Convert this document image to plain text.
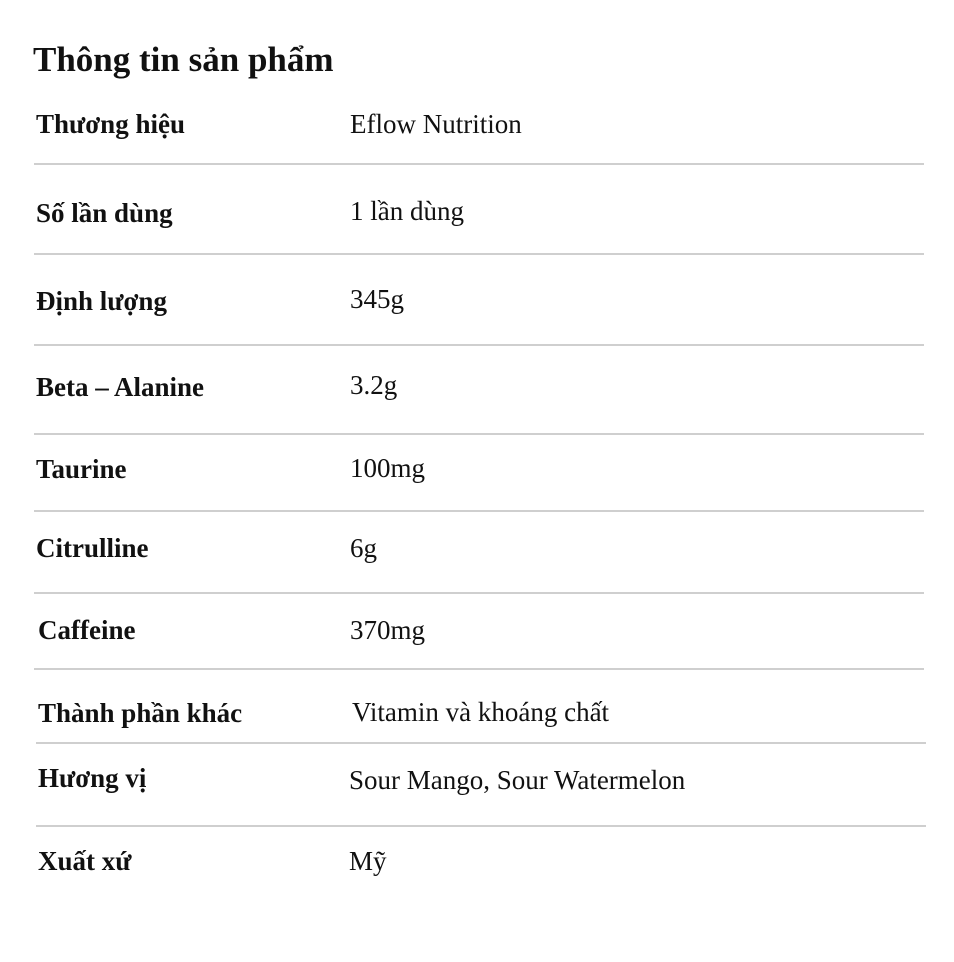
Thông tin sản phẩm
Thương hiệu	Eflow Nutrition
Số lần dùng	1 lần dùng
Định lượng	345g
Beta – Alanine	3.2g
Taurine	100mg
Citrulline	6g
Caffeine	370mg
Thành phần khác	Vitamin và khoáng chất
Hương vị	Sour Mango, Sour Watermelon
Xuất xứ	Mỹ
